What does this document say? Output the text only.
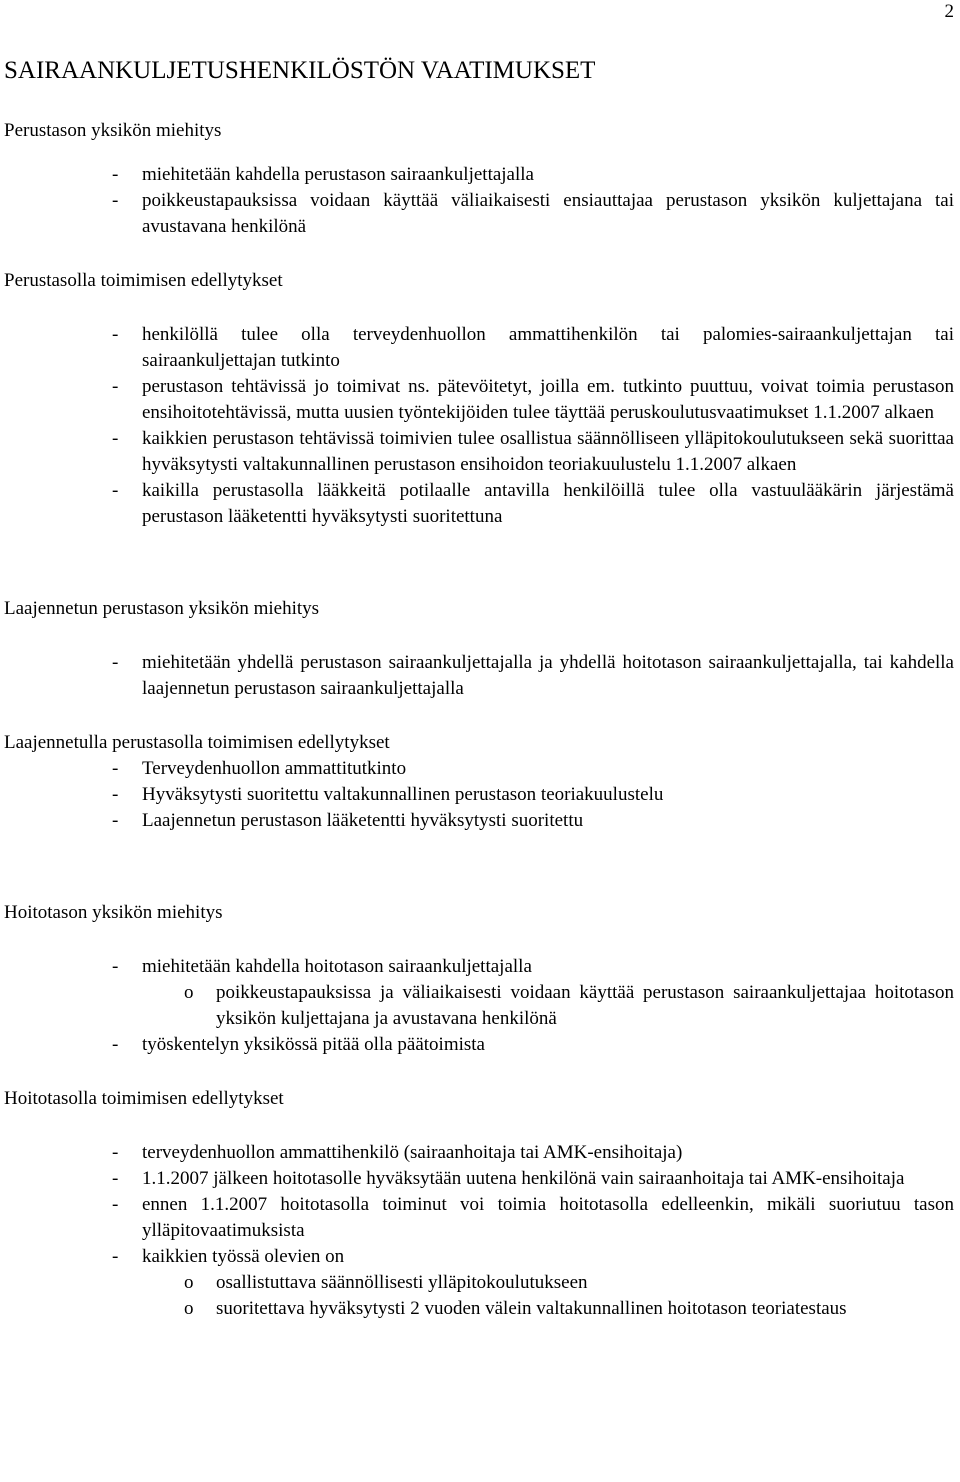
2
SAIRAANKULJETUSHENKILÖSTÖN VAATIMUKSET
Perustason yksikön miehitys
-	miehitetään kahdella perustason sairaankuljettajalla
-	poikkeustapauksissa voidaan käyttää väliaikaisesti ensiauttajaa perustason yksikön kuljettajana tai avustavana henkilönä
Perustasolla toimimisen edellytykset
-	henkilöllä tulee olla terveydenhuollon ammattihenkilön tai palomies-sairaankuljettajan tai sairaankuljettajan tutkinto
-	perustason tehtävissä jo toimivat ns. pätevöitetyt, joilla em. tutkinto puuttuu, voivat toimia perustason ensihoitotehtävissä, mutta uusien työntekijöiden tulee täyttää peruskoulutusvaatimukset 1.1.2007 alkaen
-	kaikkien perustason tehtävissä toimivien tulee osallistua säännölliseen ylläpitokoulutukseen sekä suorittaa hyväksytysti valtakunnallinen perustason ensihoidon teoriakuulustelu 1.1.2007 alkaen
-	kaikilla perustasolla lääkkeitä potilaalle antavilla henkilöillä tulee olla vastuulääkärin järjestämä perustason lääketentti hyväksytysti suoritettuna
Laajennetun perustason yksikön miehitys
-	miehitetään yhdellä perustason sairaankuljettajalla ja yhdellä hoitotason sairaankuljettajalla, tai kahdella laajennetun perustason sairaankuljettajalla
Laajennetulla perustasolla toimimisen edellytykset
-	Terveydenhuollon ammattitutkinto
-	Hyväksytysti suoritettu valtakunnallinen perustason teoriakuulustelu
-	Laajennetun perustason lääketentti hyväksytysti suoritettu
Hoitotason yksikön miehitys
-	miehitetään kahdella hoitotason sairaankuljettajalla
o	poikkeustapauksissa ja väliaikaisesti voidaan käyttää perustason sairaankuljettajaa hoitotason yksikön kuljettajana ja avustavana henkilönä
-	työskentelyn yksikössä pitää olla päätoimista
Hoitotasolla toimimisen edellytykset
-	terveydenhuollon ammattihenkilö (sairaanhoitaja tai AMK-ensihoitaja)
-	1.1.2007 jälkeen hoitotasolle hyväksytään uutena henkilönä vain sairaanhoitaja tai AMK-ensihoitaja
-	ennen 1.1.2007 hoitotasolla toiminut voi toimia hoitotasolla edelleenkin, mikäli suoriutuu tason ylläpitovaatimuksista
-	kaikkien työssä olevien on
o	osallistuttava säännöllisesti ylläpitokoulutukseen
o	suoritettava hyväksytysti 2 vuoden välein valtakunnallinen hoitotason teoriatestaus
